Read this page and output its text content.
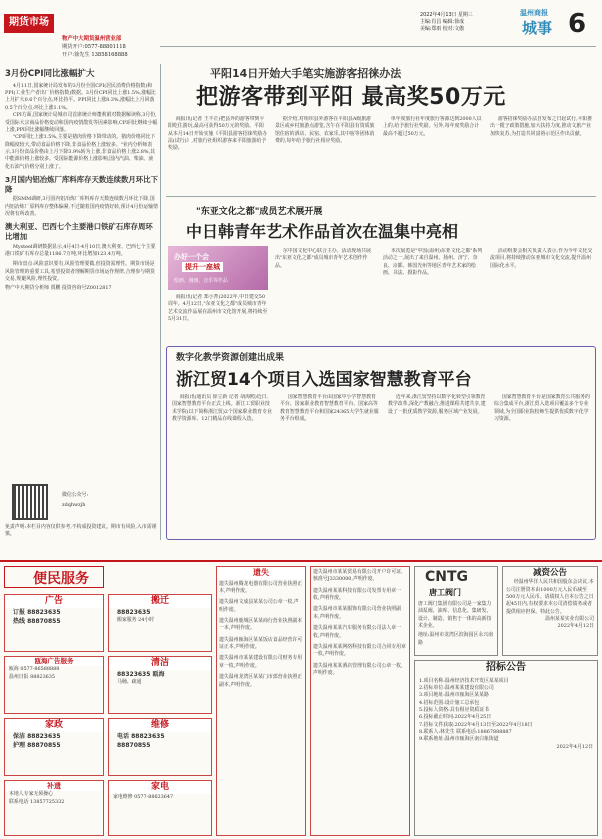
期货市场
物产中大期货温州营业部
期货开户:0577-88801118
开户:徐先生 13858168888
2022年4月13日 星期三
主编:肖昌 编辑:徐成
美编:郑雨 校对:文傲
温州商报
城事 6
3月份CPI同比涨幅扩大
4月11日,国家统计局发布的3月份全国CPI(居民消费价格指数)和PPI(工业生产者出厂价格指数)数据。3月份CPI同比上涨1.5%,涨幅比上月扩大0.6个百分点;环比持平。PPI同比上涨8.3%,涨幅比上月回落0.5个百分点;环比上涨1.1%。
CPI方面,国家统计局城市司首席统计师董莉娟对数据解读称,3月份,受国际大宗商品价格变动和国内疫情散发等因素影响,CPI同比继续小幅上涨,PPI同比涨幅继续回落。
"CPI同比上涨1.5%,主要是猪肉价格下降带动的。猪肉价格同比下降幅度较大,带动食品价格下降,非食品价格上涨较多。"业内分析师表示,3月份食品价格由上月下降3.9%转为上涨,非食品价格上涨2.8%,其中能源价格上涨较多。受国际能源价格上涨影响,国内汽油、柴油、液化石油气价格分别上涨了。
3月国内铝冶炼厂库料库存天数连续数月环比下降
据SMM调研,3月国内铝冶炼厂库料库存天数连续数月环比下降,国内铝冶炼厂原料库存整体偏紧,不过随着国内疫情好转,预计4月份运输情况将有所改善。
澳大利亚、巴西七个主要港口铁矿石库存周环比增加
Mysteel调研数据显示,4月4日-4月10日,澳大利亚、巴西七个主要港口铁矿石库存总量1186.7万吨,环比增加123.4万吨。
期市盘点:风险意识要有,风险管理要做,但投资需理性。期货市场是风险管理的重要工具,希望投资者理解期货市场运作规律,合理参与期货交易,规避风险,理性投资。
物产中大期货分析师 贾鹏 投资咨询号Z0012817
微信公众号:
zdqhwzjh
免责声明:本栏目内容仅供参考,不构成投资建议。期市有风险,入市需谨慎。
平阳14日开始大手笔实施游客招徕办法
把游客带到平阳 最高奖50万元
商报讯(记者 王丰正)把县外的游客带到平阳吃住游玩,最高可获得50万元的奖励。平阳从本月14日开始实施《平阳县游客招徕奖励办法(试行)》,对旅行社组织游客来平阳旅游给予奖励。
据介绍,对组织县外游客在平阳县A级旅游景区或乡村旅游点游览,含午在平阳县有资质旅馆住宿的酒店、民宿、农家乐,其中宿等团体消费的,每年给予旅行社相应奖励。
单年度旅行社年度旅行客源达到2000人以上的,给予旅行社奖励。另外,每年度奖励合计最高不超过50万元。
游客招徕奖励办法自发布之日起试行,平阳推出一揽子政策措施,加大扶持力度,推动文旅产业加快复苏,为打造共同富裕示范区作出贡献。
"东亚文化之都"成员艺术展开展
中日韩青年艺术作品首次在温集中亮相
办好一个会
提升一座城
绘画、漫画、音乐等作品
尔中国文化中心联合主办。活动现场共展出"东亚文化之都"成员城市青年艺术创作作品。
商报讯(记者 郑小菁)2022年,中日建交50周年。4月12日,"东亚文化之都"成员城市青年艺术交流作品展在温州市文化馆开展,将持续至5月31日。
本次展览是"中国(温州)东亚文化之都"系列活动之一,展出了来自温州、扬州、济宁、奈良、京都、韩国光州等地区青年艺术家的绘画、书法、摄影作品。
活动组委会相关负责人表示,作为今年文化交流项目,将持续推动东亚城市文化交流,提升温州国际化水平。
数字化教学资源创建出成果
浙江贸14个项目入选国家智慧教育平台
商报讯(通讯员 徐立新 记者 胡海鸥)近日,国家智慧教育平台正式上线。浙江工贸职业技术学院(以下简称浙江贸)2个国家职业教育专业教学资源库、12门精品在线课程入选。
国家智慧教育平台由国家中小学智慧教育平台、国家职业教育智慧教育平台、国家高等教育智慧教育平台和国家24365大学生就业服务平台组成。
近年来,浙江贸坚持以数字化转型引领教育教学改革,深化产教融合,推进课程共建共享,建设了一批优质教学资源,服务区域产业发展。
国家智慧教育平台是国家教育公共服务的综合集成平台,浙江贸入选项目覆盖多个专业领域,为全国职业院校师生提供优质数字化学习资源。
便民服务
广告
订报 88823635
热线 88870855
瓯海广告服务
瓯海 0577-86588888
温州日报 88823635
家政
保洁 88823635
护理 88870855
补遗
本地人专家无须操心
联系电话 13857725332
搬迁
88823635
搬家服务 24小时
清洁
88323635 瓯海
马桶、疏通
维修
电话 88823635
88870855
家电
家电维修 0577-88623647
遗失
遗失温州腾龙电器有限公司营业执照正本,声明作废。
遗失温州文成县某某公司公章一枚,声明作废。
遗失温州鹿城区某某商行营业执照副本一本,声明作废。
遗失温州瓯海区某某饭店食品经营许可证正本,声明作废。
遗失温州市某某建设有限公司财务专用章一枚,声明作废。
遗失温州龙湾区某某门市部营业执照正副本,声明作废。
遗失温州市某某贸易有限公司开户许可证,核准号J3330000,声明作废。
遗失温州某某科技有限公司发票专用章一枚,声明作废。
遗失温州市某某服饰有限公司营业执照副本,声明作废。
遗失温州某某汽车服务有限公司法人章一枚,声明作废。
遗失温州某某网络科技有限公司合同专用章一枚,声明作废。
遗失温州某某酒店管理有限公司公章一枚,声明作废。
CNTG
唐工阀门
唐工阀门集团有限公司是一家集力油泵阀、油库、信息化、集研发、设计、制造、销售于一体的高新技术企业。
地址:温州市龙湾区滨海园区永兴南路
减资公告
经温州华洋人民共和国股东会决议,本公司注册资本由1000万元人民币减至500万元人民币。请债权人自本公告之日起45日内,有权要求本公司清偿债务或者提供相应担保。特此公告。
温州某某实业有限公司
2022年4月12日
招标公告
1.项目名称:温州经济技术开发区某某项目
2.招标单位:温州某某建设有限公司
3.项目地址:温州市瓯海区某某路
4.招标范围:设计施工总承包
5.投标人资格:具有相应资质证书
6.投标截止时间:2022年4月25日
7.招标文件获取:2022年4月13日至2022年4月18日
8.联系人:林先生 联系电话:18867888887
9.联系地址:温州市瓯海区南白象街道
2022年4月12日
